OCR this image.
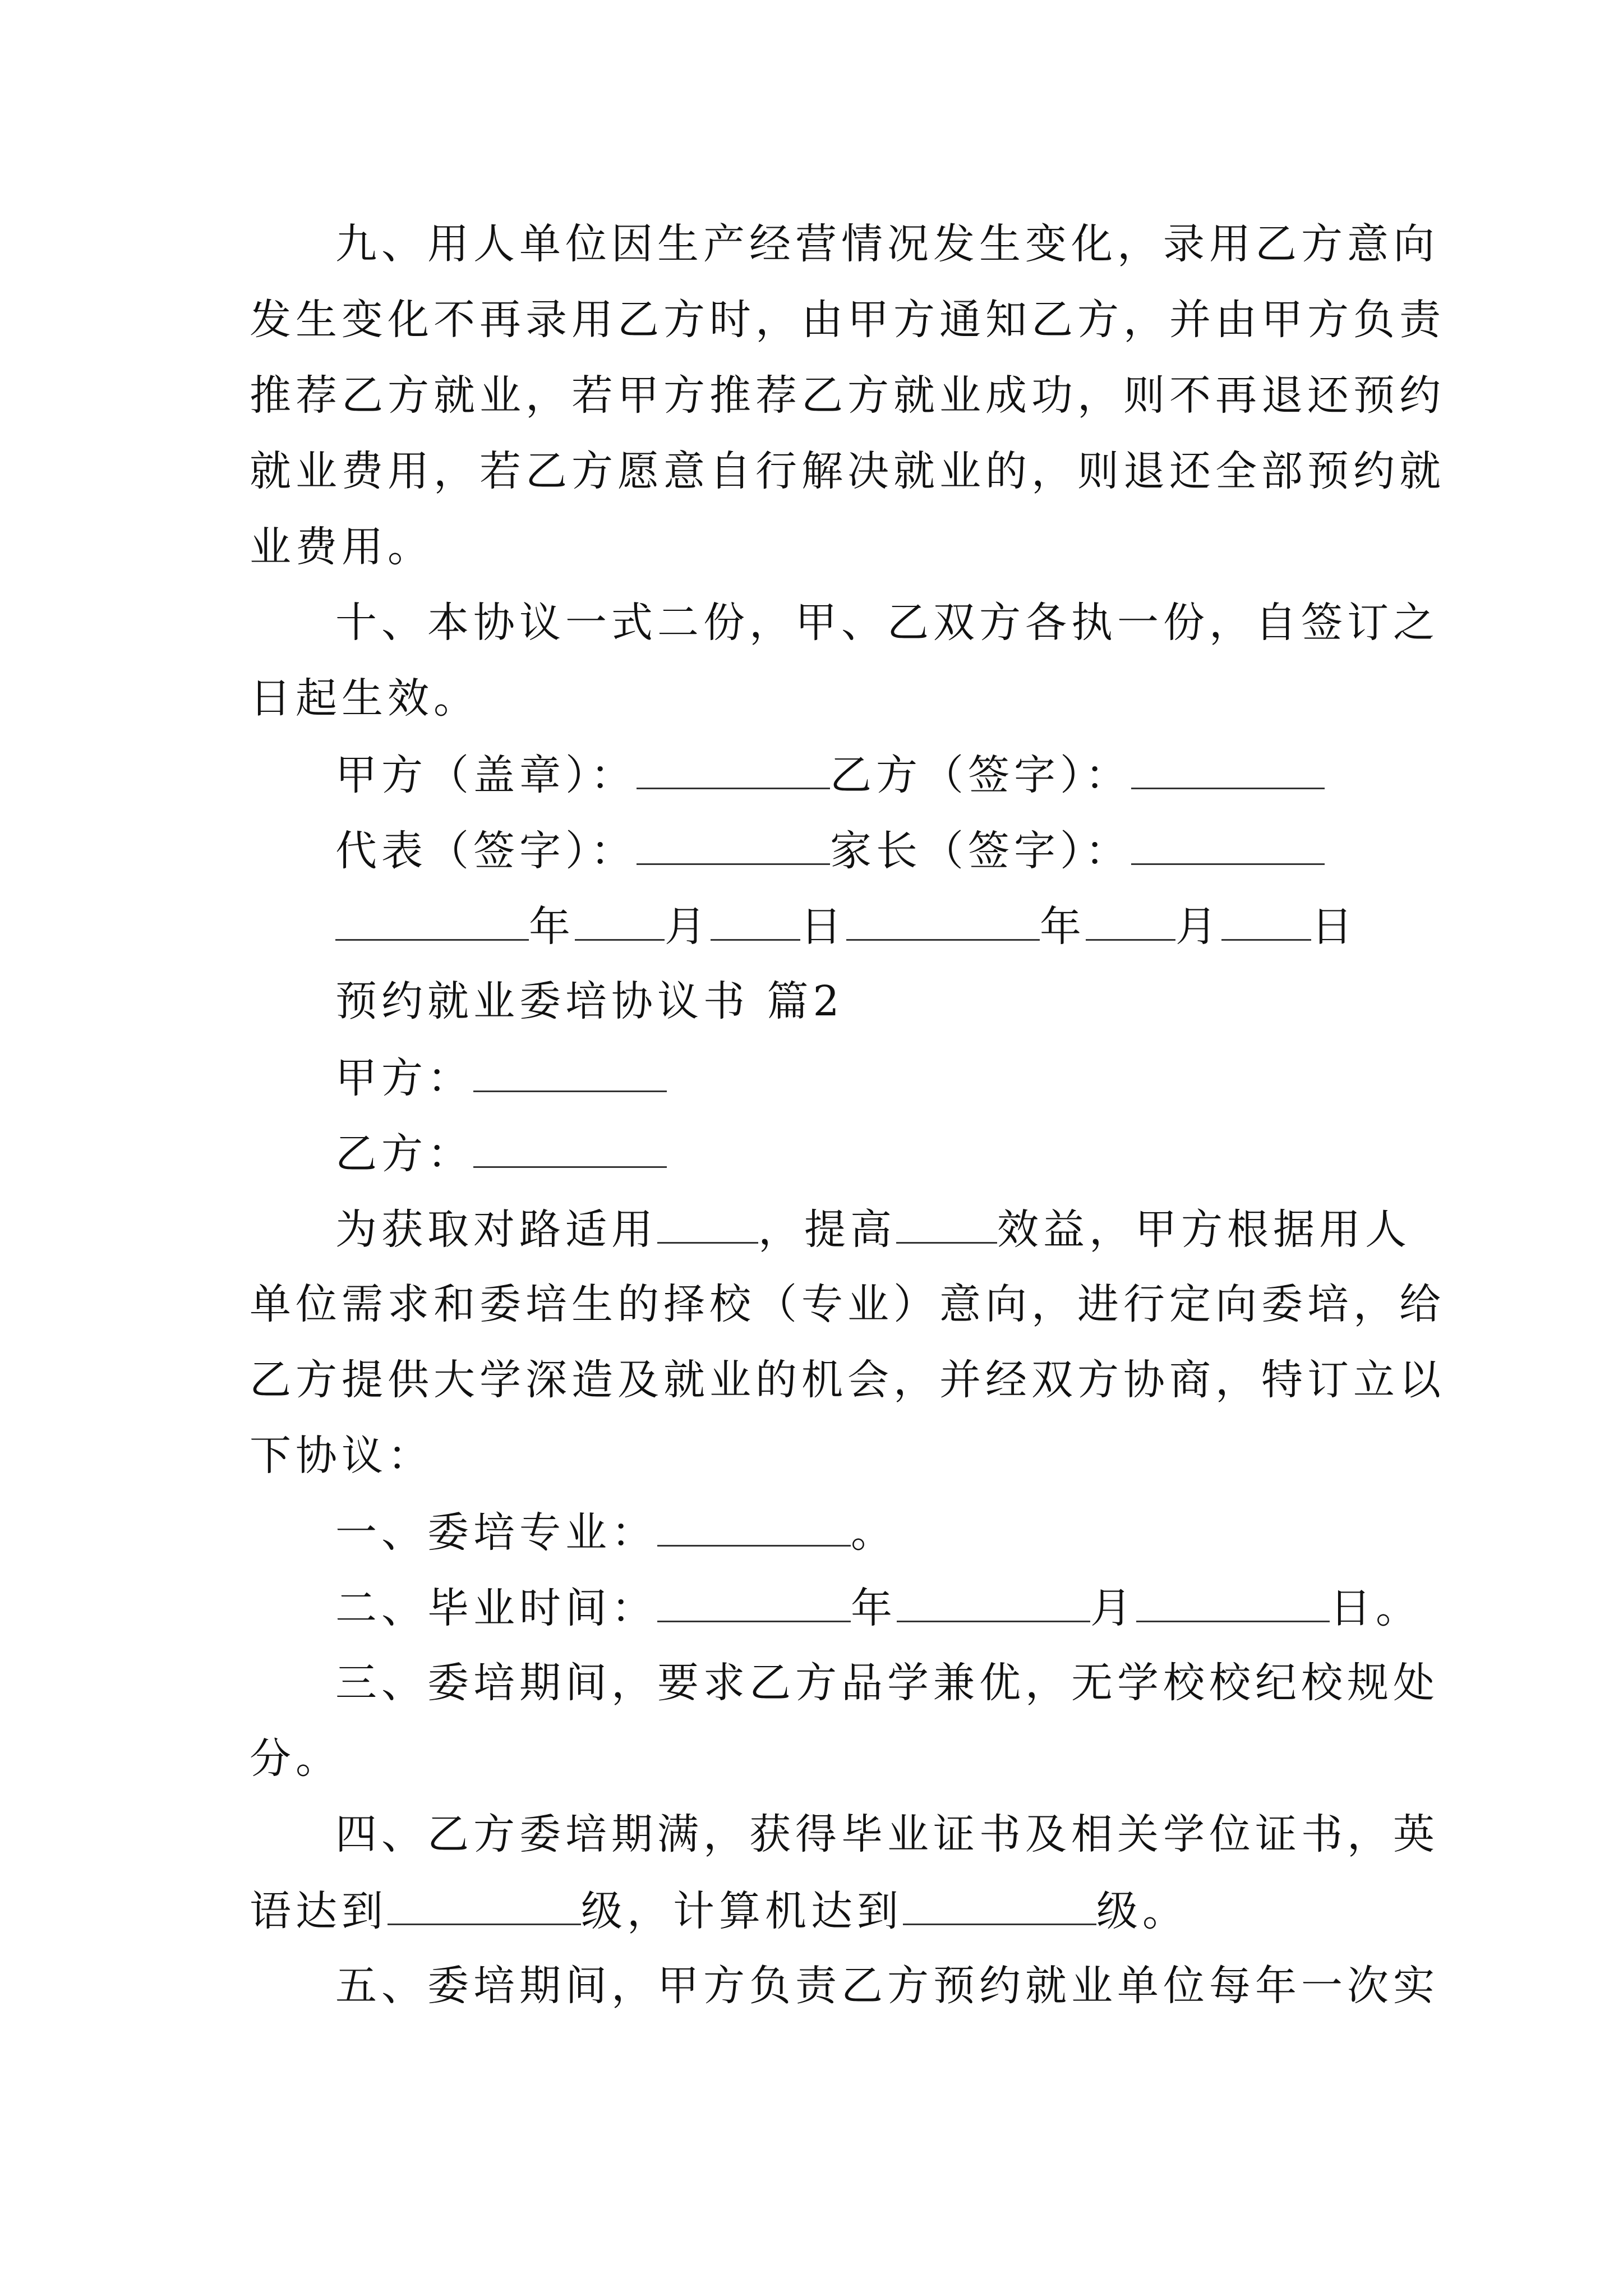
九、用人单位因生产经营情况发生变化，录用乙方意向
发生变化不再录用乙方时，由甲方通知乙方，并由甲方负责
推荐乙方就业，若甲方推荐乙方就业成功，则不再退还预约
就业费用，若乙方愿意自行解决就业的，则退还全部预约就
业费用。
十、本协议一式二份，甲、乙双方各执一份，自签订之
日起生效。
甲方（盖章）：	乙方（签字）：
代表（签字）：	家长（签字）：
年 月 日	年 月 日
预约就业委培协议书 篇2
甲方：
乙方：
为获取对路适用 ，提高 效益，甲方根据用人
单位需求和委培生的择校（专业）意向，进行定向委培，给
乙方提供大学深造及就业的机会，并经双方协商，特订立以
下协议：
一、委培专业：	。
二、毕业时间：	年	月	日。
三、委培期间，要求乙方品学兼优，无学校校纪校规处
分。
四、乙方委培期满，获得毕业证书及相关学位证书，英
语达到	级，计算机达到	级。
五、委培期间，甲方负责乙方预约就业单位每年一次实
